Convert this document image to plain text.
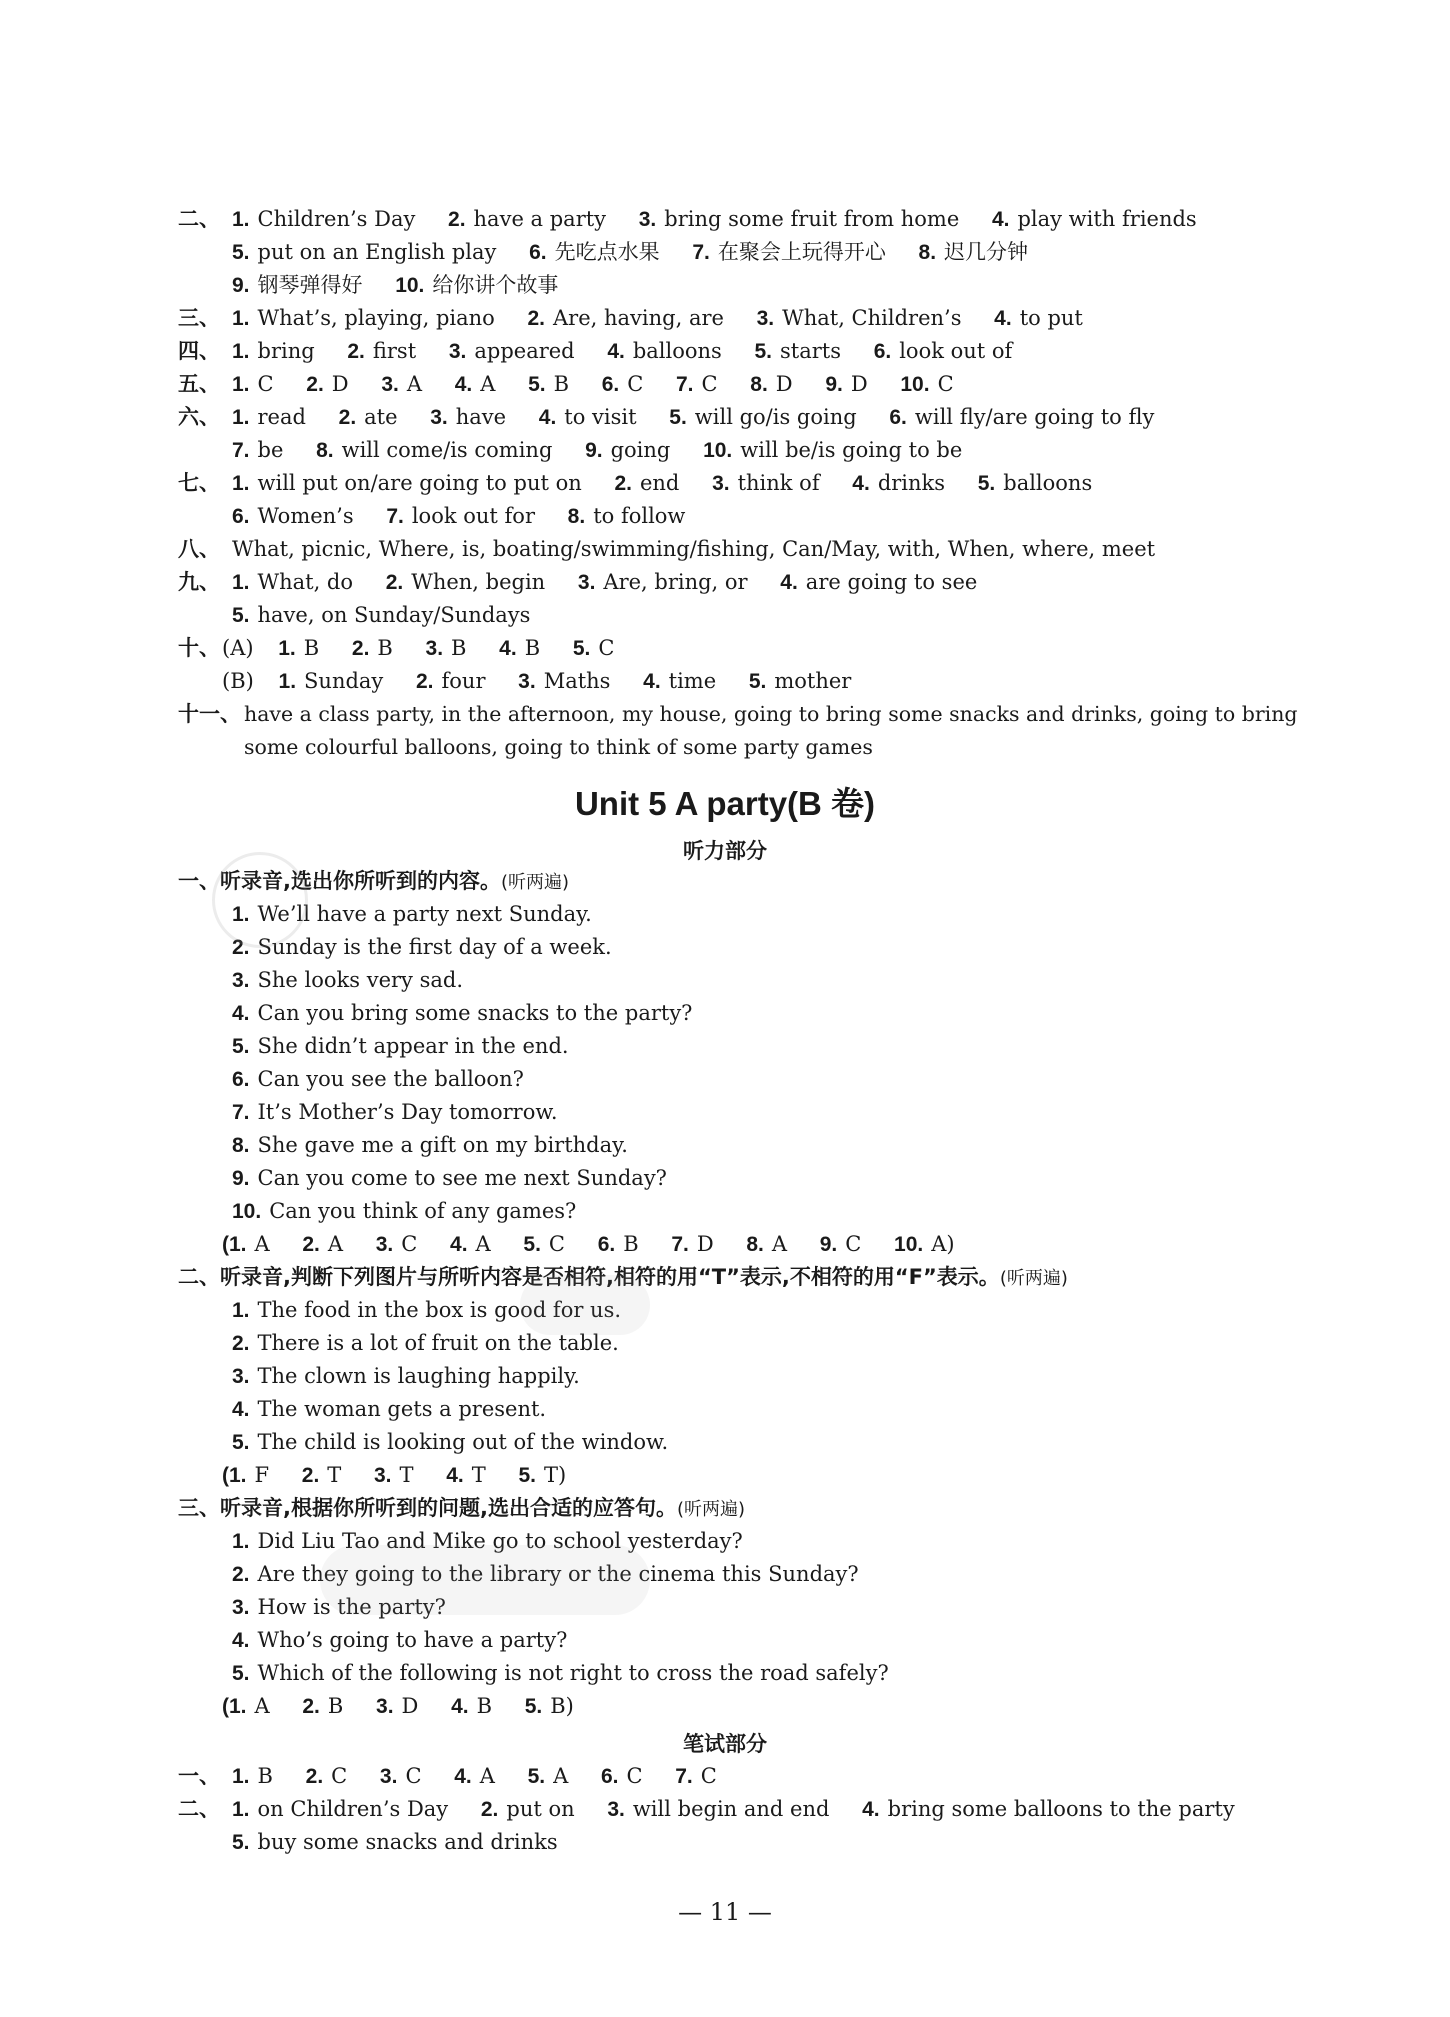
二、 1. Children’s Day 2. have a party 3. bring some fruit from home 4. play with friends
5. put on an English play 6. 先吃点水果 7. 在聚会上玩得开心 8. 迟几分钟
9. 钢琴弹得好 10. 给你讲个故事
三、 1. What’s, playing, piano 2. Are, having, are 3. What, Children’s 4. to put
四、 1. bring 2. first 3. appeared 4. balloons 5. starts 6. look out of
五、 1. C 2. D 3. A 4. A 5. B 6. C 7. C 8. D 9. D 10. C
六、 1. read 2. ate 3. have 4. to visit 5. will go/is going 6. will fly/are going to fly
7. be 8. will come/is coming 9. going 10. will be/is going to be
七、 1. will put on/are going to put on 2. end 3. think of 4. drinks 5. balloons
6. Women’s 7. look out for 8. to follow
八、 What, picnic, Where, is, boating/swimming/fishing, Can/May, with, When, where, meet
九、 1. What, do 2. When, begin 3. Are, bring, or 4. are going to see
5. have, on Sunday/Sundays
十、 (A) 1. B 2. B 3. B 4. B 5. C
(B) 1. Sunday 2. four 3. Maths 4. time 5. mother
十一、 have a class party, in the afternoon, my house, going to bring some snacks and drinks, going to bring
some colourful balloons, going to think of some party games
Unit 5 A party(B 卷)
听力部分
一、听录音,选出你所听到的内容。(听两遍)
1. We’ll have a party next Sunday.
2. Sunday is the first day of a week.
3. She looks very sad.
4. Can you bring some snacks to the party?
5. She didn’t appear in the end.
6. Can you see the balloon?
7. It’s Mother’s Day tomorrow.
8. She gave me a gift on my birthday.
9. Can you come to see me next Sunday?
10. Can you think of any games?
(1. A 2. A 3. C 4. A 5. C 6. B 7. D 8. A 9. C 10. A)
二、听录音,判断下列图片与所听内容是否相符,相符的用“T”表示,不相符的用“F”表示。(听两遍)
1. The food in the box is good for us.
2. There is a lot of fruit on the table.
3. The clown is laughing happily.
4. The woman gets a present.
5. The child is looking out of the window.
(1. F 2. T 3. T 4. T 5. T)
三、听录音,根据你所听到的问题,选出合适的应答句。(听两遍)
1. Did Liu Tao and Mike go to school yesterday?
2. Are they going to the library or the cinema this Sunday?
3. How is the party?
4. Who’s going to have a party?
5. Which of the following is not right to cross the road safely?
(1. A 2. B 3. D 4. B 5. B)
笔试部分
一、 1. B 2. C 3. C 4. A 5. A 6. C 7. C
二、 1. on Children’s Day 2. put on 3. will begin and end 4. bring some balloons to the party
5. buy some snacks and drinks
— 11 —
